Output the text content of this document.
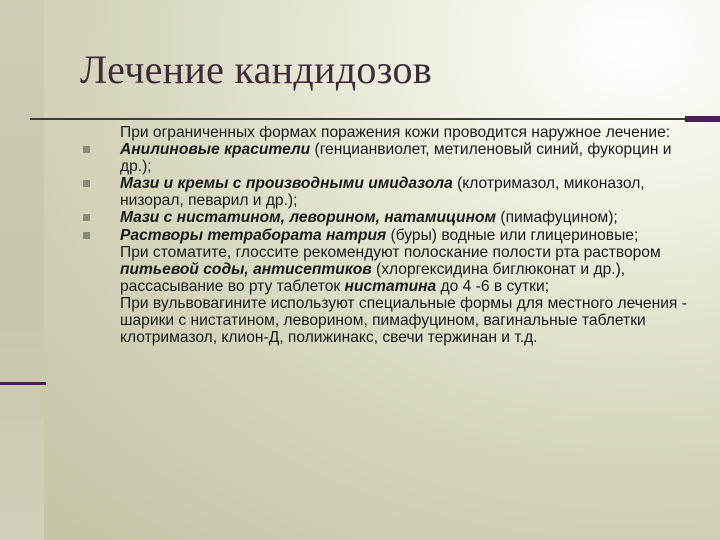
Лечение кандидозов

При ограниченных формах поражения кожи проводится наружное лечение:

Анилиновые красители (генцианвиолет, метиленовый синий, фукорцин и др.);

Мази и кремы с производными имидазола (клотримазол, миконазол, низорал, певарил и др.);

Мази с нистатином, леворином, натамицином (пимафуцином);

Растворы тетрабората натрия (буры) водные или глицериновые;

При стоматите, глоссите рекомендуют полоскание полости рта раствором питьевой соды, антисептиков (хлоргексидина биглюконат и др.), рассасывание во рту таблеток нистатина до 4 -6 в сутки;

При вульвовагините используют специальные формы для местного лечения - шарики с нистатином, леворином, пимафуцином, вагинальные таблетки клотримазол, клион-Д, полижинакс, свечи тержинан и т.д.
